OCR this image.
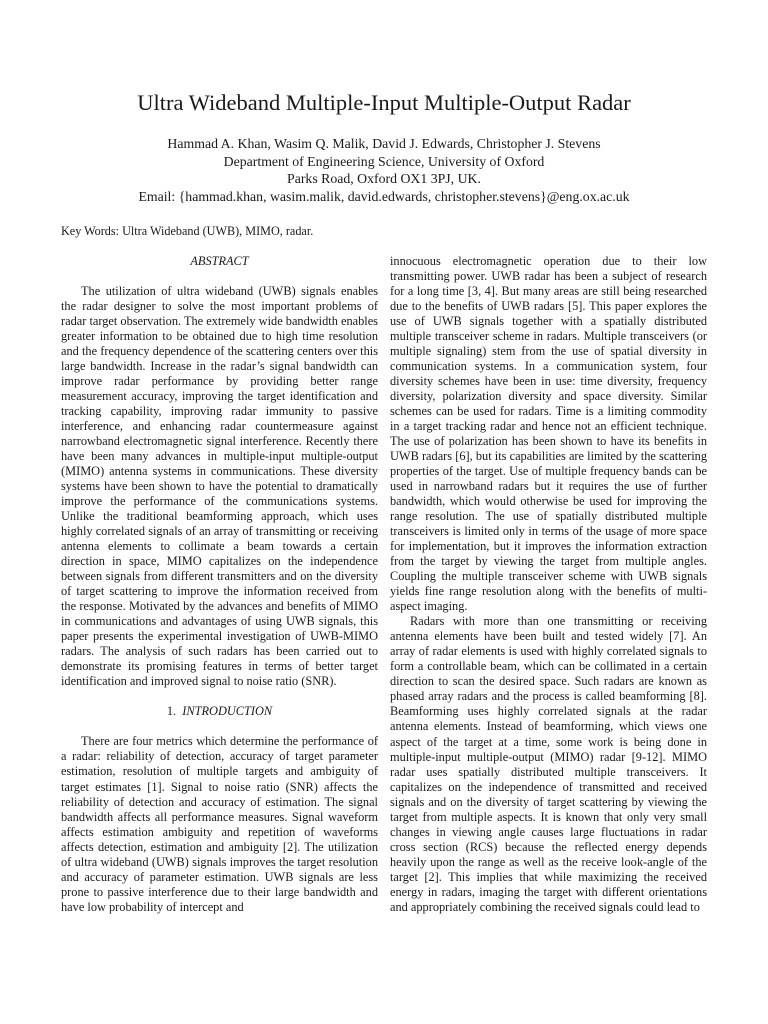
Ultra Wideband Multiple-Input Multiple-Output Radar
Hammad A. Khan, Wasim Q. Malik, David J. Edwards, Christopher J. Stevens
Department of Engineering Science, University of Oxford
Parks Road, Oxford OX1 3PJ, UK.
Email: {hammad.khan, wasim.malik, david.edwards, christopher.stevens}@eng.ox.ac.uk
Key Words: Ultra Wideband (UWB), MIMO, radar.

ABSTRACT

The utilization of ultra wideband (UWB) signals enables the radar designer to solve the most important problems of radar target observation. The extremely wide bandwidth enables greater information to be obtained due to high time resolution and the frequency dependence of the scattering centers over this large bandwidth. Increase in the radar’s signal bandwidth can improve radar performance by providing better range measurement accuracy, improving the target identification and tracking capability, improving radar immunity to passive interference, and enhancing radar countermeasure against narrowband electromagnetic signal interference. Recently there have been many advances in multiple-input multiple-output (MIMO) antenna systems in communications. These diversity systems have been shown to have the potential to dramatically improve the performance of the communications systems. Unlike the traditional beamforming approach, which uses highly correlated signals of an array of transmitting or receiving antenna elements to collimate a beam towards a certain direction in space, MIMO capitalizes on the independence between signals from different transmitters and on the diversity of target scattering to improve the information received from the response. Motivated by the advances and benefits of MIMO in communications and advantages of using UWB signals, this paper presents the experimental investigation of UWB-MIMO radars. The analysis of such radars has been carried out to demonstrate its promising features in terms of better target identification and improved signal to noise ratio (SNR).

1. INTRODUCTION

There are four metrics which determine the performance of a radar: reliability of detection, accuracy of target parameter estimation, resolution of multiple targets and ambiguity of target estimates [1]. Signal to noise ratio (SNR) affects the reliability of detection and accuracy of estimation. The signal bandwidth affects all performance measures. Signal waveform affects estimation ambiguity and repetition of waveforms affects detection, estimation and ambiguity [2]. The utilization of ultra wideband (UWB) signals improves the target resolution and accuracy of parameter estimation. UWB signals are less prone to passive interference due to their large bandwidth and have low probability of intercept and

innocuous electromagnetic operation due to their low transmitting power. UWB radar has been a subject of research for a long time [3, 4]. But many areas are still being researched due to the benefits of UWB radars [5]. This paper explores the use of UWB signals together with a spatially distributed multiple transceiver scheme in radars. Multiple transceivers (or multiple signaling) stem from the use of spatial diversity in communication systems. In a communication system, four diversity schemes have been in use: time diversity, frequency diversity, polarization diversity and space diversity. Similar schemes can be used for radars. Time is a limiting commodity in a target tracking radar and hence not an efficient technique. The use of polarization has been shown to have its benefits in UWB radars [6], but its capabilities are limited by the scattering properties of the target. Use of multiple frequency bands can be used in narrowband radars but it requires the use of further bandwidth, which would otherwise be used for improving the range resolution. The use of spatially distributed multiple transceivers is limited only in terms of the usage of more space for implementation, but it improves the information extraction from the target by viewing the target from multiple angles. Coupling the multiple transceiver scheme with UWB signals yields fine range resolution along with the benefits of multi-aspect imaging.

Radars with more than one transmitting or receiving antenna elements have been built and tested widely [7]. An array of radar elements is used with highly correlated signals to form a controllable beam, which can be collimated in a certain direction to scan the desired space. Such radars are known as phased array radars and the process is called beamforming [8]. Beamforming uses highly correlated signals at the radar antenna elements. Instead of beamforming, which views one aspect of the target at a time, some work is being done in multiple-input multiple-output (MIMO) radar [9-12]. MIMO radar uses spatially distributed multiple transceivers. It capitalizes on the independence of transmitted and received signals and on the diversity of target scattering by viewing the target from multiple aspects. It is known that only very small changes in viewing angle causes large fluctuations in radar cross section (RCS) because the reflected energy depends heavily upon the range as well as the receive look-angle of the target [2]. This implies that while maximizing the received energy in radars, imaging the target with different orientations and appropriately combining the received signals could lead to
